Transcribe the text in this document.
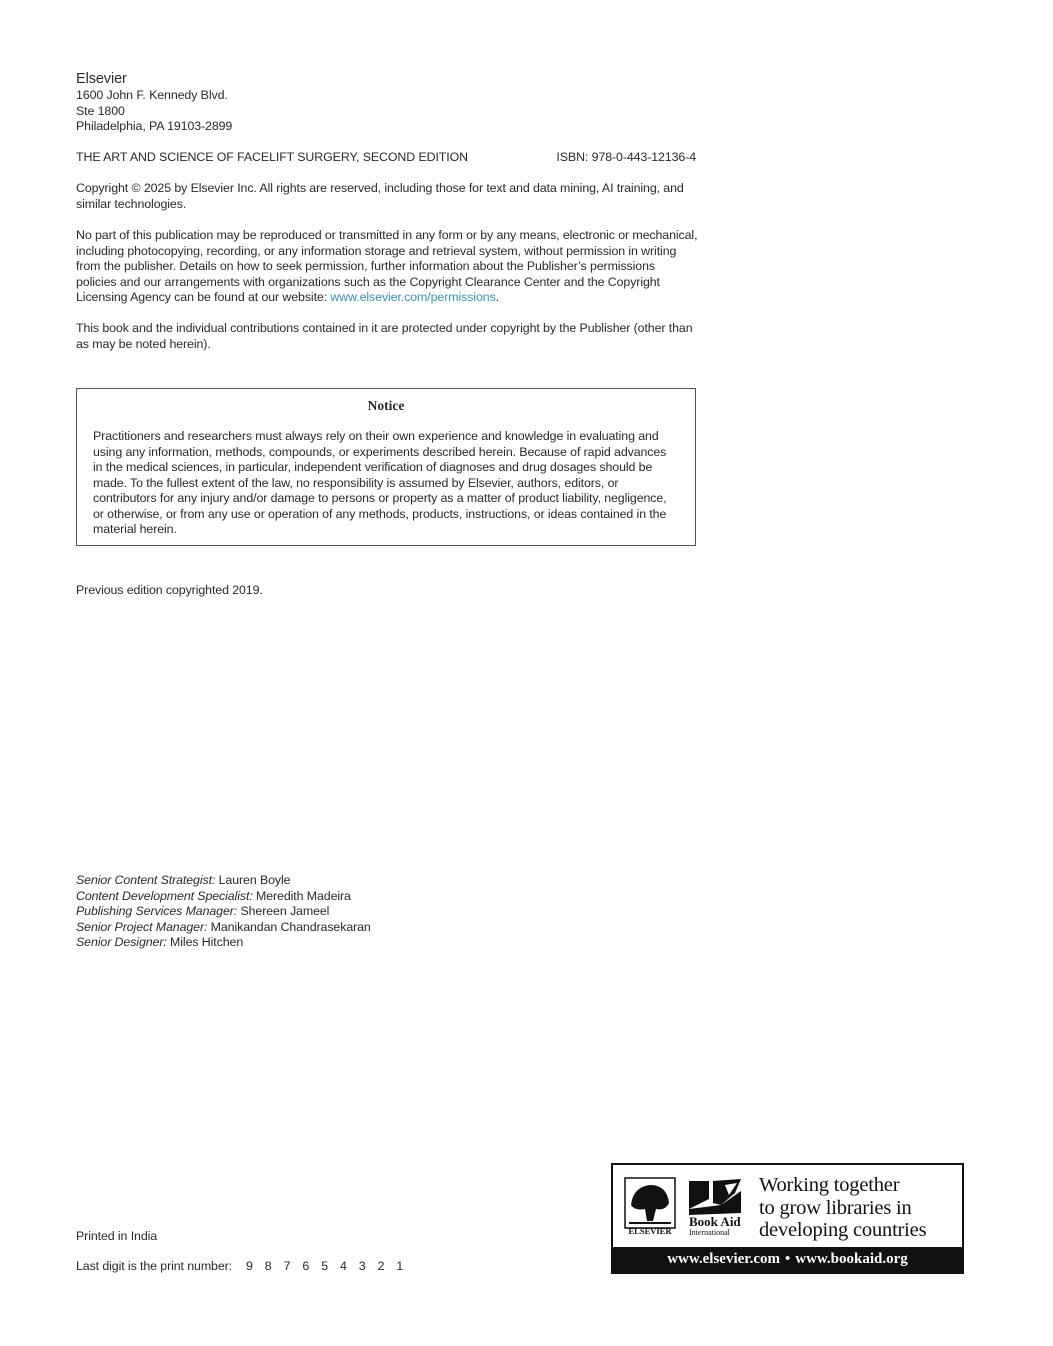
Elsevier
1600 John F. Kennedy Blvd.
Ste 1800
Philadelphia, PA 19103-2899
THE ART AND SCIENCE OF FACELIFT SURGERY, SECOND EDITION	ISBN: 978-0-443-12136-4

Copyright © 2025 by Elsevier Inc. All rights are reserved, including those for text and data mining, AI training, and similar technologies.

No part of this publication may be reproduced or transmitted in any form or by any means, electronic or mechanical, including photocopying, recording, or any information storage and retrieval system, without permission in writing from the publisher. Details on how to seek permission, further information about the Publisher’s permissions policies and our arrangements with organizations such as the Copyright Clearance Center and the Copyright Licensing Agency can be found at our website: www.elsevier.com/permissions.

This book and the individual contributions contained in it are protected under copyright by the Publisher (other than as may be noted herein).

Notice

Practitioners and researchers must always rely on their own experience and knowledge in evaluating and using any information, methods, compounds, or experiments described herein. Because of rapid advances in the medical sciences, in particular, independent verification of diagnoses and drug dosages should be made. To the fullest extent of the law, no responsibility is assumed by Elsevier, authors, editors, or contributors for any injury and/or damage to persons or property as a matter of product liability, negligence, or otherwise, or from any use or operation of any methods, products, instructions, or ideas contained in the material herein.

Previous edition copyrighted 2019.

Senior Content Strategist: Lauren Boyle
Content Development Specialist: Meredith Madeira
Publishing Services Manager: Shereen Jameel
Senior Project Manager: Manikandan Chandrasekaran
Senior Designer: Miles Hitchen

Printed in India

Last digit is the print number: 9 8 7 6 5 4 3 2 1
ELSEVIER
Book Aid
International
Working together
to grow libraries in
developing countries
www.elsevier.com • www.bookaid.org
